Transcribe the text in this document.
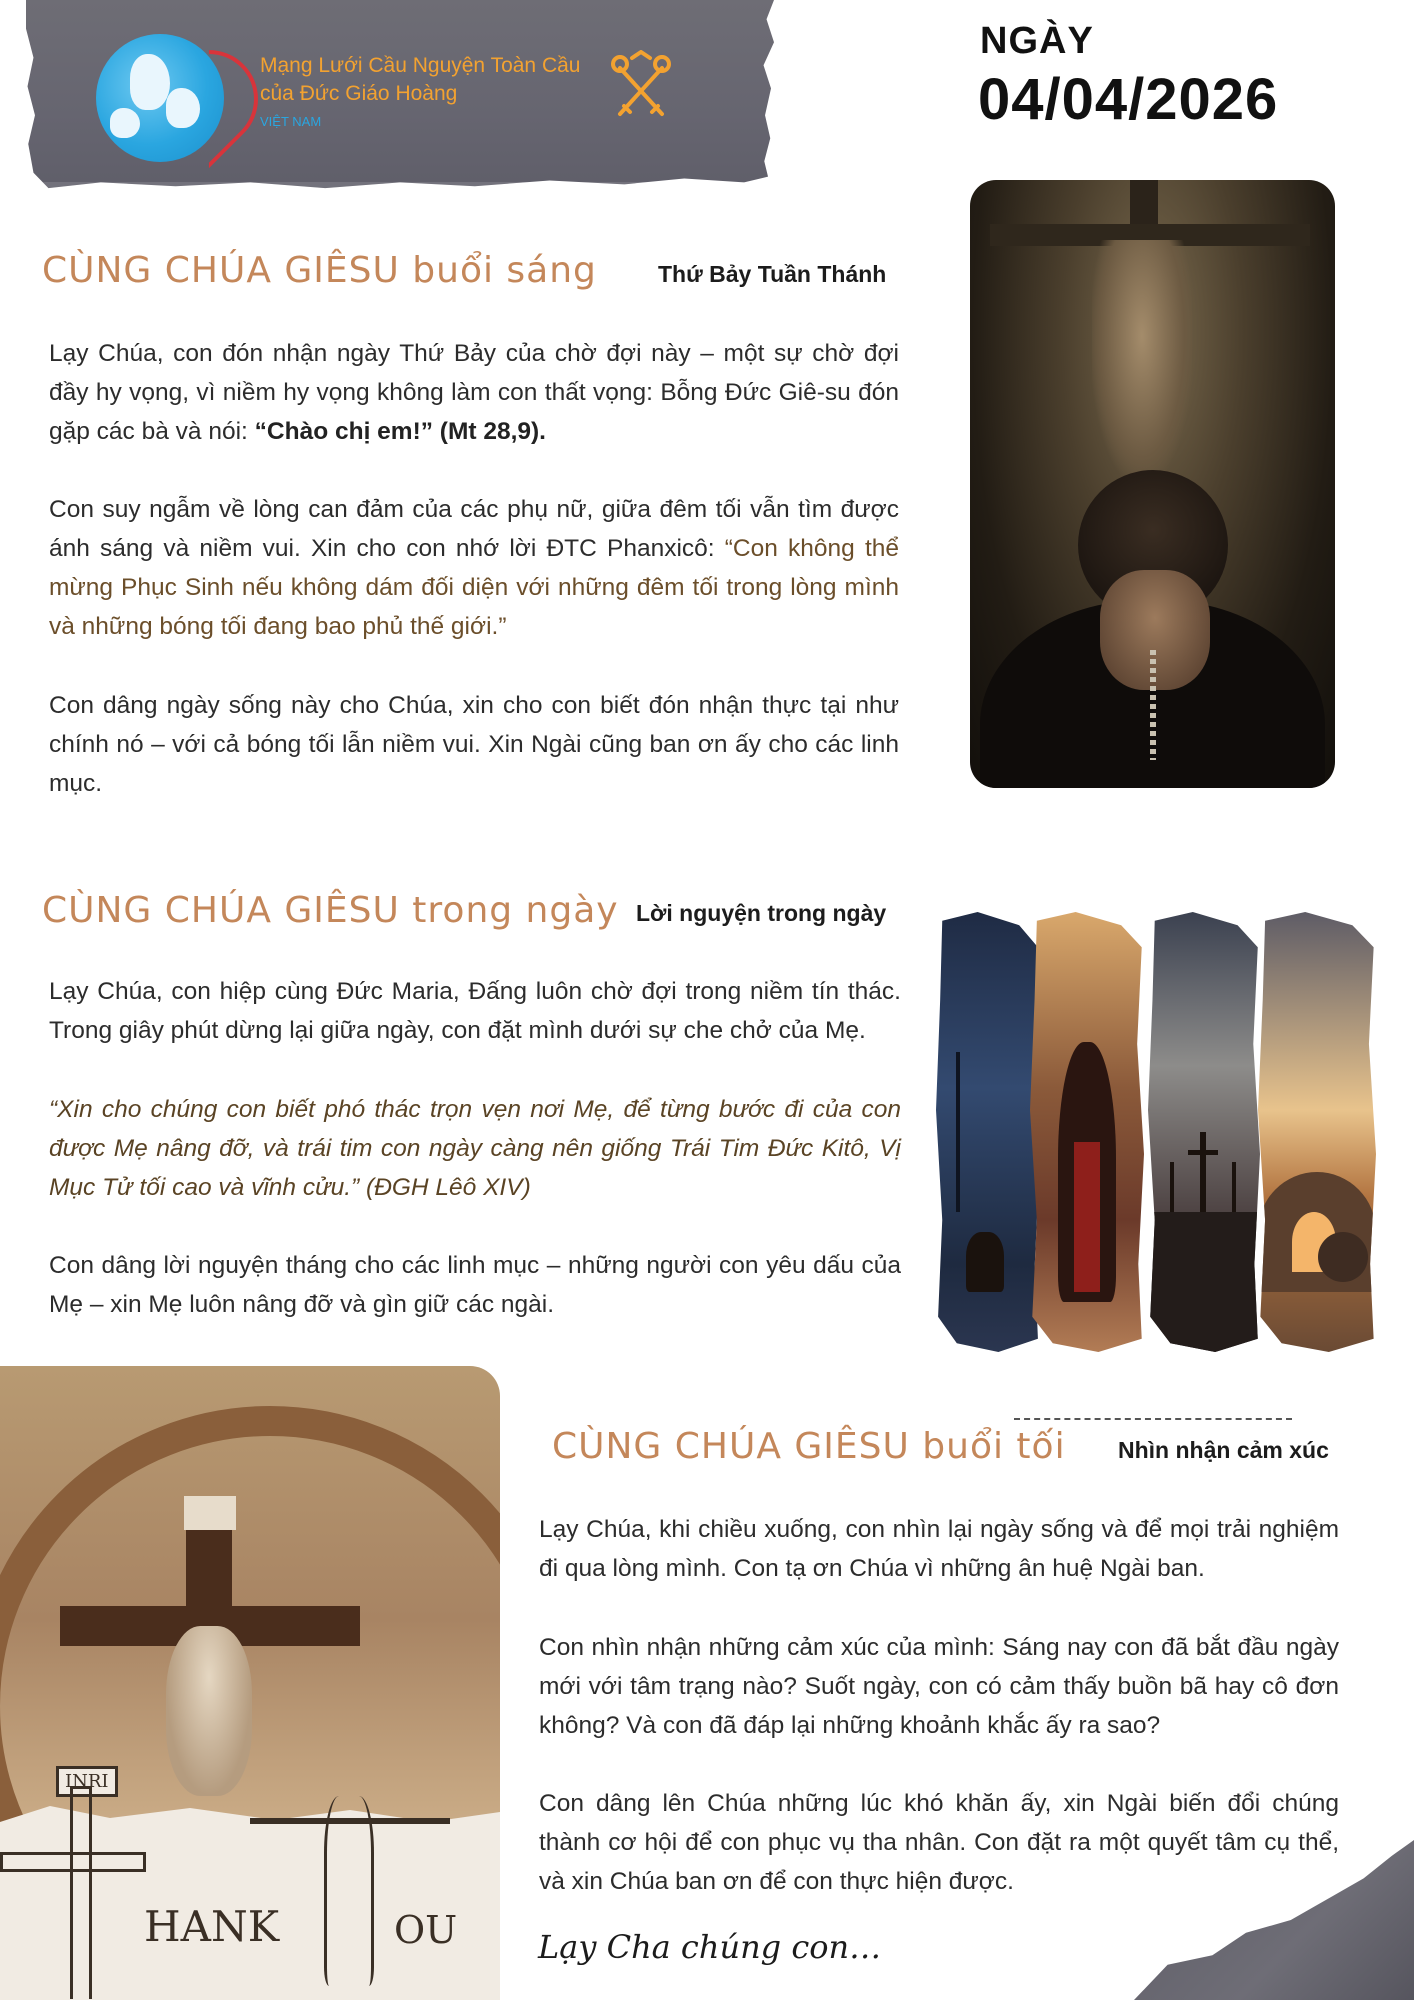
Mạng Lưới Cầu Nguyện Toàn Cầu của Đức Giáo Hoàng
VIỆT NAM
NGÀY
04/04/2026
CÙNG CHÚA GIÊSU buổi sáng	Thứ Bảy Tuần Thánh

Lạy Chúa, con đón nhận ngày Thứ Bảy của chờ đợi này – một sự chờ đợi đầy hy vọng, vì niềm hy vọng không làm con thất vọng: Bỗng Đức Giê-su đón gặp các bà và nói: “Chào chị em!” (Mt 28,9).

Con suy ngẫm về lòng can đảm của các phụ nữ, giữa đêm tối vẫn tìm được ánh sáng và niềm vui. Xin cho con nhớ lời ĐTC Phanxicô: “Con không thể mừng Phục Sinh nếu không dám đối diện với những đêm tối trong lòng mình và những bóng tối đang bao phủ thế giới.”

Con dâng ngày sống này cho Chúa, xin cho con biết đón nhận thực tại như chính nó – với cả bóng tối lẫn niềm vui. Xin Ngài cũng ban ơn ấy cho các linh mục.

CÙNG CHÚA GIÊSU trong ngày Lời nguyện trong ngày

Lạy Chúa, con hiệp cùng Đức Maria, Đấng luôn chờ đợi trong niềm tín thác. Trong giây phút dừng lại giữa ngày, con đặt mình dưới sự che chở của Mẹ.

“Xin cho chúng con biết phó thác trọn vẹn nơi Mẹ, để từng bước đi của con được Mẹ nâng đỡ, và trái tim con ngày càng nên giống Trái Tim Đức Kitô, Vị Mục Tử tối cao và vĩnh cửu.” (ĐGH Lêô XIV)

Con dâng lời nguyện tháng cho các linh mục – những người con yêu dấu của Mẹ – xin Mẹ luôn nâng đỡ và gìn giữ các ngài.

INRI
HANK	OU
CÙNG CHÚA GIÊSU buổi tối Nhìn nhận cảm xúc

Lạy Chúa, khi chiều xuống, con nhìn lại ngày sống và để mọi trải nghiệm đi qua lòng mình. Con tạ ơn Chúa vì những ân huệ Ngài ban.

Con nhìn nhận những cảm xúc của mình: Sáng nay con đã bắt đầu ngày mới với tâm trạng nào? Suốt ngày, con có cảm thấy buồn bã hay cô đơn không? Và con đã đáp lại những khoảnh khắc ấy ra sao?

Con dâng lên Chúa những lúc khó khăn ấy, xin Ngài biến đổi chúng thành cơ hội để con phục vụ tha nhân. Con đặt ra một quyết tâm cụ thể, và xin Chúa ban ơn để con thực hiện được.

Lạy Cha chúng con…
